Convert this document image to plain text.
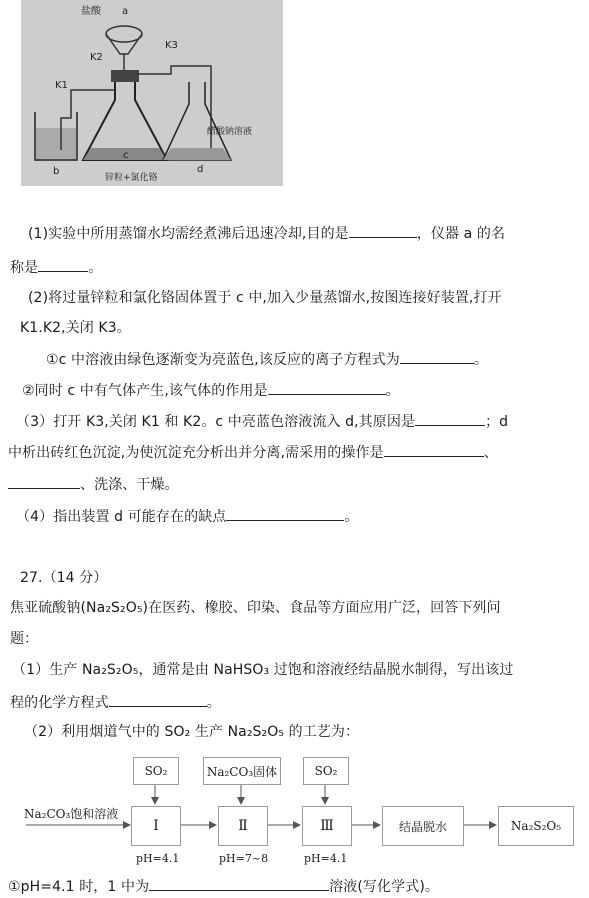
盐酸 a
K2
K3
K1
b
c
d
醋酸钠溶液
锌粒+氯化铬
(1)实验中所用蒸馏水均需经煮沸后迅速冷却,目的是	，仪器 a 的名
称是	。
(2)将过量锌粒和氯化铬固体置于 c 中,加入少量蒸馏水,按图连接好装置,打开
K1.K2,关闭 K3。
①c 中溶液由绿色逐渐变为亮蓝色,该反应的离子方程式为	。
②同时 c 中有气体产生,该气体的作用是	。
（3）打开 K3,关闭 K1 和 K2。c 中亮蓝色溶液流入 d,其原因是	；d
中析出砖红色沉淀,为使沉淀充分析出并分离,需采用的操作是	、
、洗涤、干燥。
（4）指出装置 d 可能存在的缺点	。
27.（14 分）
焦亚硫酸钠(Na₂S₂O₅)在医药、橡胶、印染、食品等方面应用广泛，回答下列问
题：
（1）生产 Na₂S₂O₅，通常是由 NaHSO₃ 过饱和溶液经结晶脱水制得，写出该过
程的化学方程式	。
（2）利用烟道气中的 SO₂ 生产 Na₂S₂O₅ 的工艺为：
Na₂CO₃饱和溶液
SO₂	Na₂CO₃固体	SO₂
Ⅰ	Ⅱ	Ⅲ	结晶脱水	Na₂S₂O₅
pH=4.1	pH=7~8	pH=4.1
①pH=4.1 时，1 中为	溶液(写化学式)。
